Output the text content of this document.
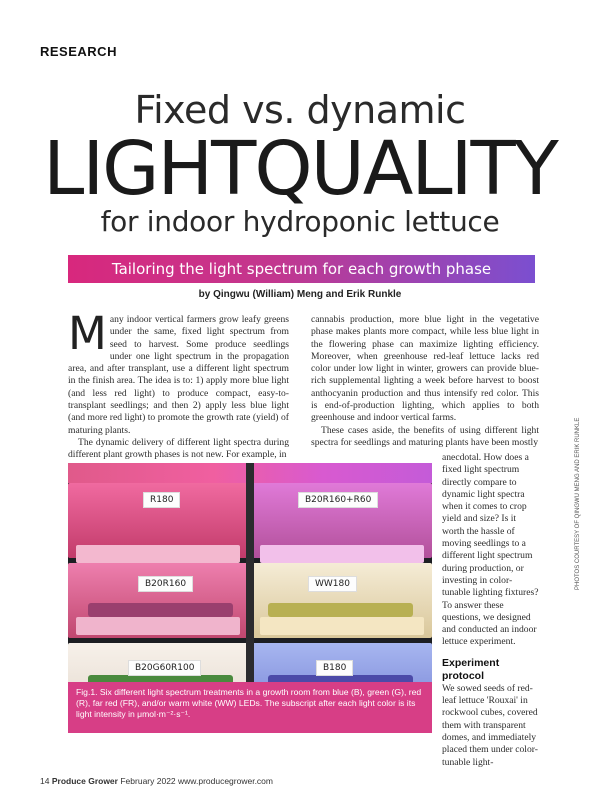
RESEARCH
Fixed vs. dynamic
LIGHTQUALITY
for indoor hydroponic lettuce
Tailoring the light spectrum for each growth phase
by Qingwu (William) Meng and Erik Runkle

Many indoor vertical farmers grow leafy greens under the same, fixed light spectrum from seed to harvest. Some produce seedlings under one light spectrum in the propagation area, and after transplant, use a different light spectrum in the finish area. The idea is to: 1) apply more blue light (and less red light) to produce compact, easy-to-transplant seedlings; and then 2) apply less blue light (and more red light) to promote the growth rate (yield) of maturing plants.

The dynamic delivery of different light spectra during different plant growth phases is not new. For example, in

cannabis production, more blue light in the vegetative phase makes plants more compact, while less blue light in the flowering phase can maximize lighting efficiency. Moreover, when greenhouse red-leaf lettuce lacks red color under low light in winter, growers can provide blue-rich supplemental lighting a week before harvest to boost anthocyanin production and thus intensify red color. This is end-of-production lighting, which applies to both greenhouse and indoor vertical farms.

These cases aside, the benefits of using different light spectra for seedlings and maturing plants have been mostly

anecdotal. How does a fixed light spectrum directly compare to dynamic light spectra when it comes to crop yield and size? Is it worth the hassle of moving seedlings to a different light spectrum during production, or investing in color-tunable lighting fixtures? To answer these questions, we designed and conducted an indoor lettuce experiment.

Experiment protocol

We sowed seeds of red-leaf lettuce 'Rouxai' in rockwool cubes, covered them with transparent domes, and immediately placed them under color-tunable light-

R180	B20R160+R60
B20R160	WW180
B20G60R100	B180
Fig.1. Six different light spectrum treatments in a growth room from blue (B), green (G), red (R), far red (FR), and/or warm white (WW) LEDs. The subscript after each light color is its light intensity in μmol·m⁻²·s⁻¹.
PHOTOS COURTESY OF QINGWU MENG AND ERIK RUNKLE
14 Produce Grower February 2022 www.producegrower.com
